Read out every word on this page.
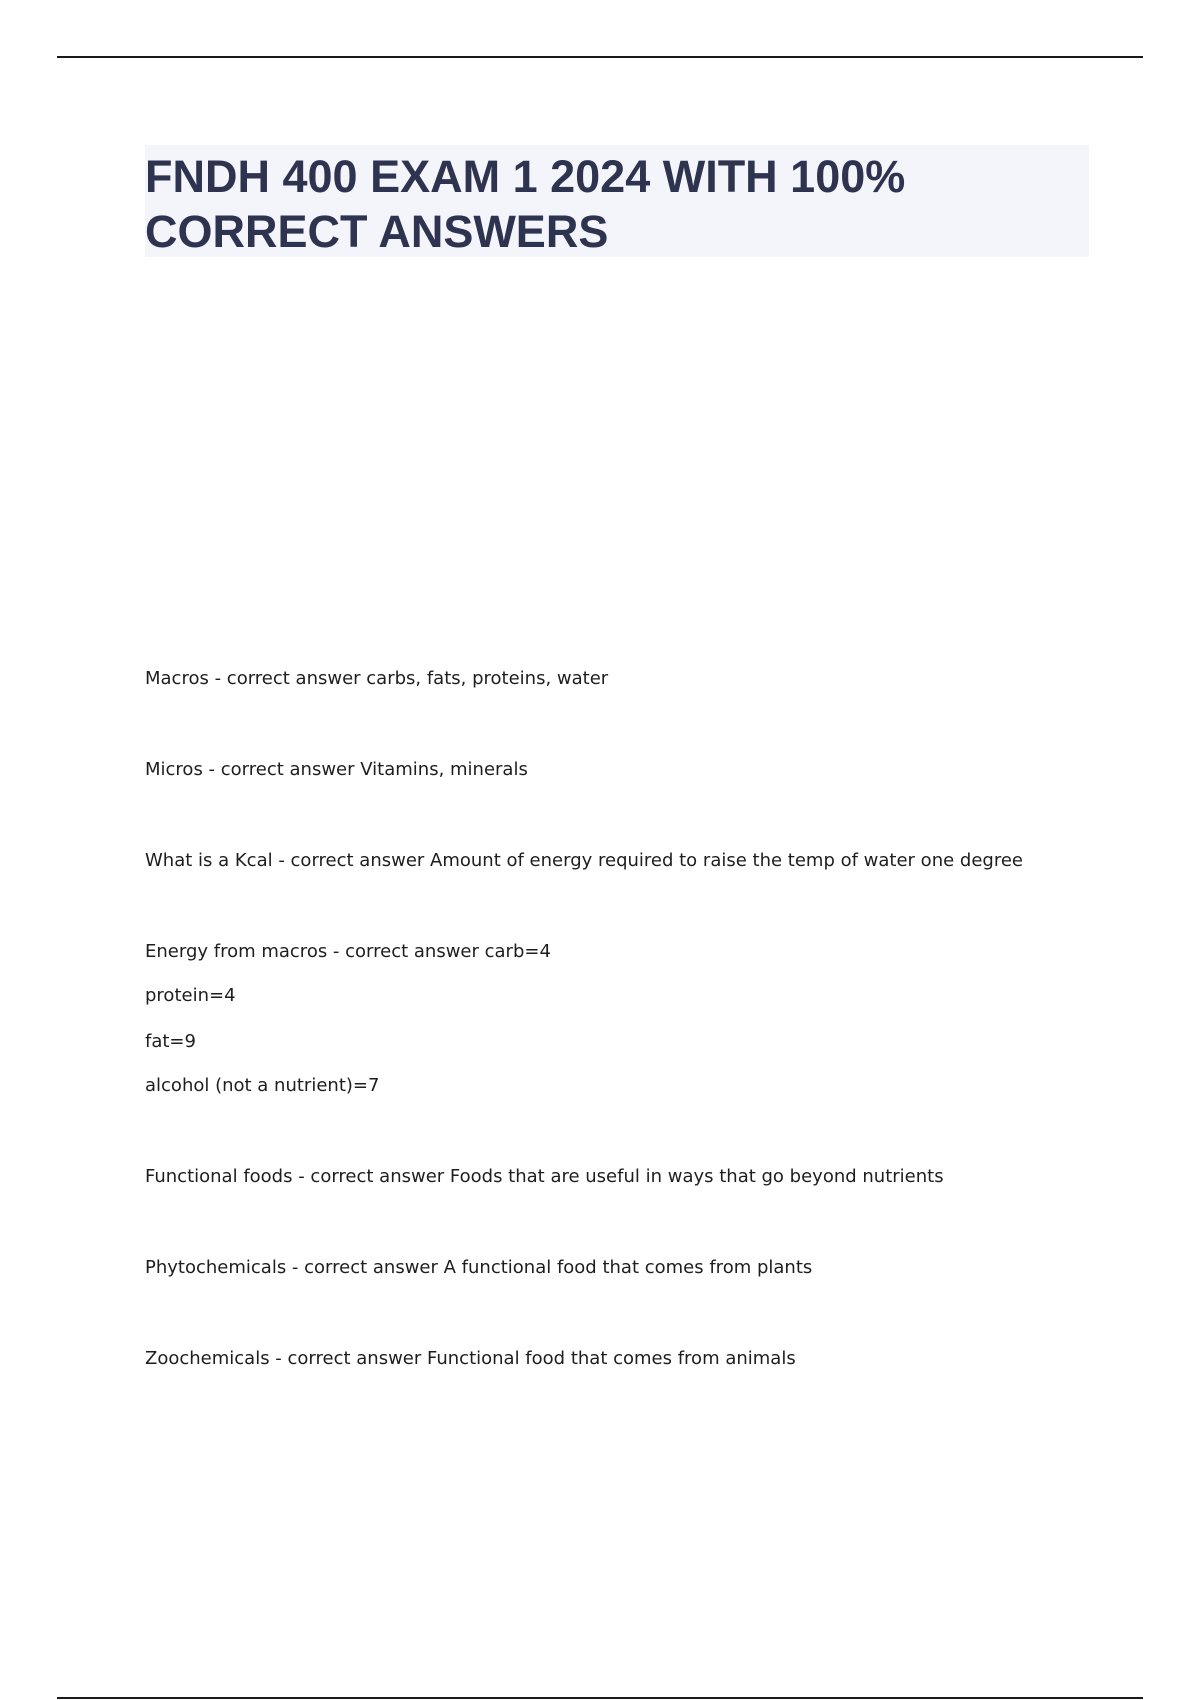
FNDH 400 EXAM 1 2024 WITH 100% CORRECT ANSWERS

Macros - correct answer carbs, fats, proteins, water

Micros - correct answer Vitamins, minerals

What is a Kcal - correct answer Amount of energy required to raise the temp of water one degree

Energy from macros - correct answer carb=4

protein=4

fat=9

alcohol (not a nutrient)=7

Functional foods - correct answer Foods that are useful in ways that go beyond nutrients

Phytochemicals - correct answer A functional food that comes from plants

Zoochemicals - correct answer Functional food that comes from animals
